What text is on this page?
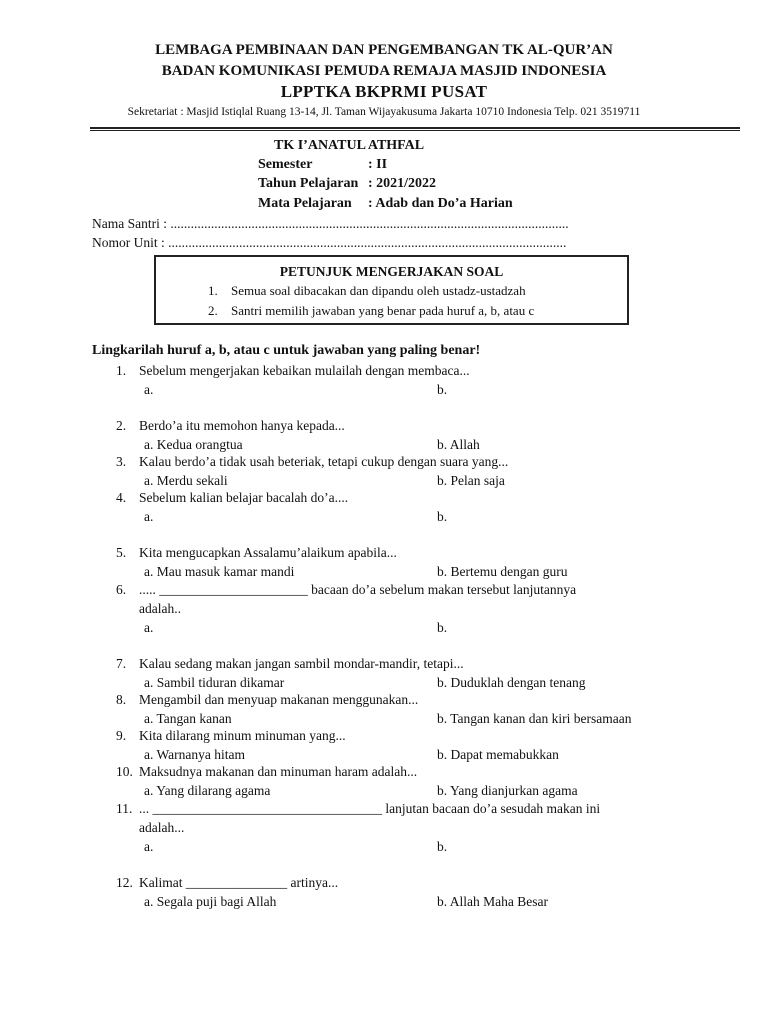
LEMBAGA PEMBINAAN DAN PENGEMBANGAN TK AL-QUR’AN
BADAN KOMUNIKASI PEMUDA REMAJA MASJID INDONESIA
LPPTKA BKPRMI PUSAT
Sekretariat : Masjid Istiqlal Ruang 13-14, Jl. Taman Wijayakusuma Jakarta 10710 Indonesia Telp. 021 3519711
TK I’ANATUL ATHFAL
Semester	: II
Tahun Pelajaran : 2021/2022
Mata Pelajaran : Adab dan Do’a Harian
Nama Santri : ......................................................................................................................
Nomor Unit : ......................................................................................................................
PETUNJUK MENGERJAKAN SOAL
1. Semua soal dibacakan dan dipandu oleh ustadz-ustadzah
2. Santri memilih jawaban yang benar pada huruf a, b, atau c
Lingkarilah huruf a, b, atau c untuk jawaban yang paling benar!
1. Sebelum mengerjakan kebaikan mulailah dengan membaca...
a.	b.
2. Berdo’a itu memohon hanya kepada...
a. Kedua orangtua	b. Allah
3. Kalau berdo’a tidak usah beteriak, tetapi cukup dengan suara yang...
a. Merdu sekali	b. Pelan saja
4. Sebelum kalian belajar bacalah do’a....
a.	b.
5. Kita mengucapkan Assalamu’alaikum apabila...
a. Mau masuk kamar mandi	b. Bertemu dengan guru
6. ..... ______________________ bacaan do’a sebelum makan tersebut lanjutannya
adalah..
a.	b.
7. Kalau sedang makan jangan sambil mondar-mandir, tetapi...
a. Sambil tiduran dikamar	b. Duduklah dengan tenang
8. Mengambil dan menyuap makanan menggunakan...
a. Tangan kanan	b. Tangan kanan dan kiri bersamaan
9. Kita dilarang minum minuman yang...
a. Warnanya hitam	b. Dapat memabukkan
10. Maksudnya makanan dan minuman haram adalah...
a. Yang dilarang agama	b. Yang dianjurkan agama
11. ... __________________________________ lanjutan bacaan do’a sesudah makan ini
adalah...
a.	b.
12. Kalimat _______________ artinya...
a. Segala puji bagi Allah	b. Allah Maha Besar
